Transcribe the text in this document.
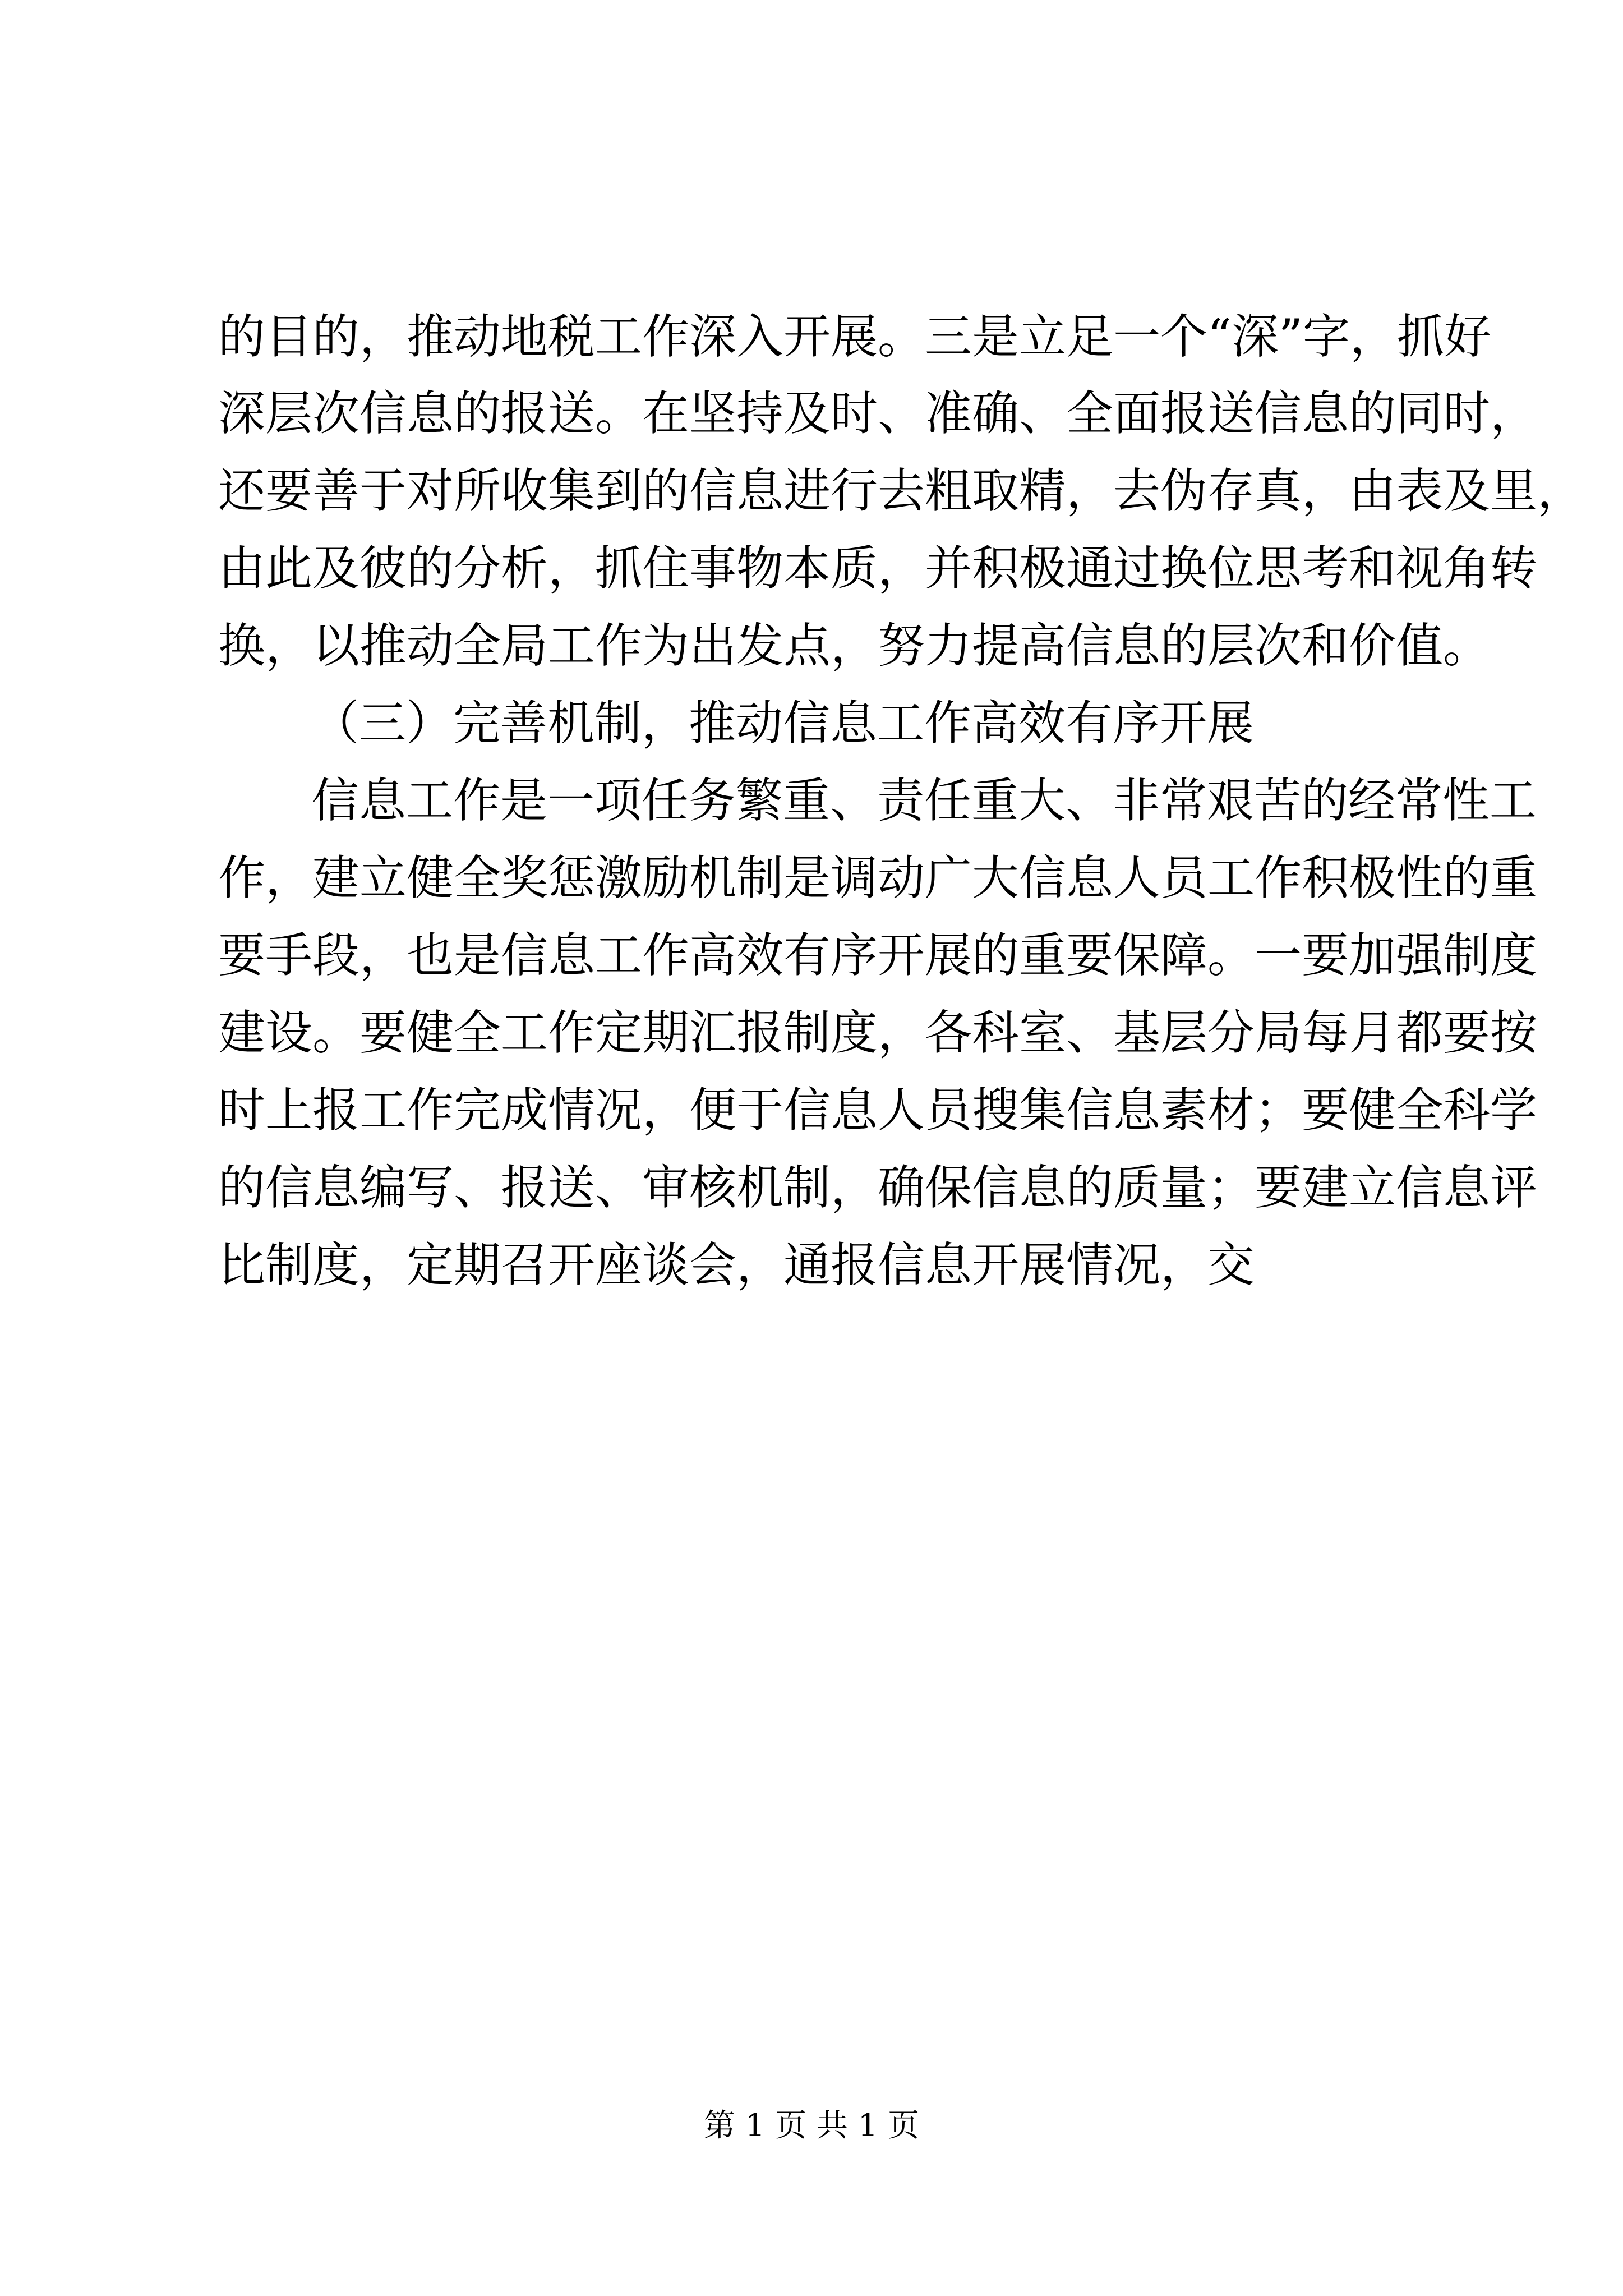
的目的，推动地税工作深入开展。三是立足一个“深”字，抓好
深层次信息的报送。在坚持及时、准确、全面报送信息的同时，
还要善于对所收集到的信息进行去粗取精，去伪存真，由表及里，
由此及彼的分析，抓住事物本质，并积极通过换位思考和视角转
换，以推动全局工作为出发点，努力提高信息的层次和价值。
（三）完善机制，推动信息工作高效有序开展
信息工作是一项任务繁重、责任重大、非常艰苦的经常性工
作，建立健全奖惩激励机制是调动广大信息人员工作积极性的重
要手段，也是信息工作高效有序开展的重要保障。一要加强制度
建设。要健全工作定期汇报制度，各科室、基层分局每月都要按
时上报工作完成情况，便于信息人员搜集信息素材；要健全科学
的信息编写、报送、审核机制，确保信息的质量；要建立信息评
比制度，定期召开座谈会，通报信息开展情况，交
第 1 页 共 1 页
